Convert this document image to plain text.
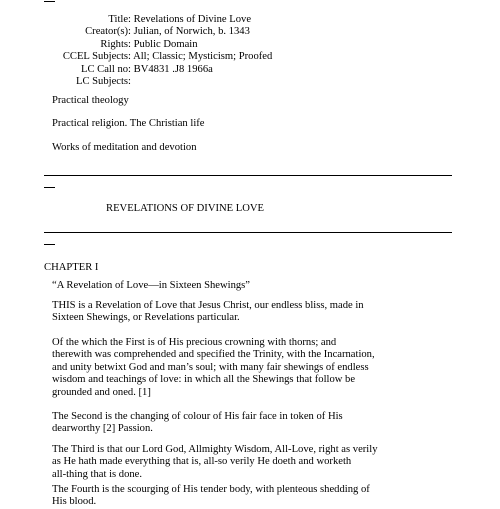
Title: Revelations of Divine Love
Creator(s): Julian, of Norwich, b. 1343
Rights: Public Domain
CCEL Subjects: All; Classic; Mysticism; Proofed
LC Call no: BV4831 .J8 1966a
LC Subjects:
Practical theology
Practical religion. The Christian life
Works of meditation and devotion
REVELATIONS OF DIVINE LOVE
CHAPTER I
“A Revelation of Love—in Sixteen Shewings”
THIS is a Revelation of Love that Jesus Christ, our endless bliss, made in
Sixteen Shewings, or Revelations particular.
Of the which the First is of His precious crowning with thorns; and
therewith was comprehended and specified the Trinity, with the Incarnation,
and unity betwixt God and man’s soul; with many fair shewings of endless
wisdom and teachings of love: in which all the Shewings that follow be
grounded and oned. [1]
The Second is the changing of colour of His fair face in token of His
dearworthy [2] Passion.
The Third is that our Lord God, Allmighty Wisdom, All-Love, right as verily
as He hath made everything that is, all-so verily He doeth and worketh
all-thing that is done.
The Fourth is the scourging of His tender body, with plenteous shedding of
His blood.
